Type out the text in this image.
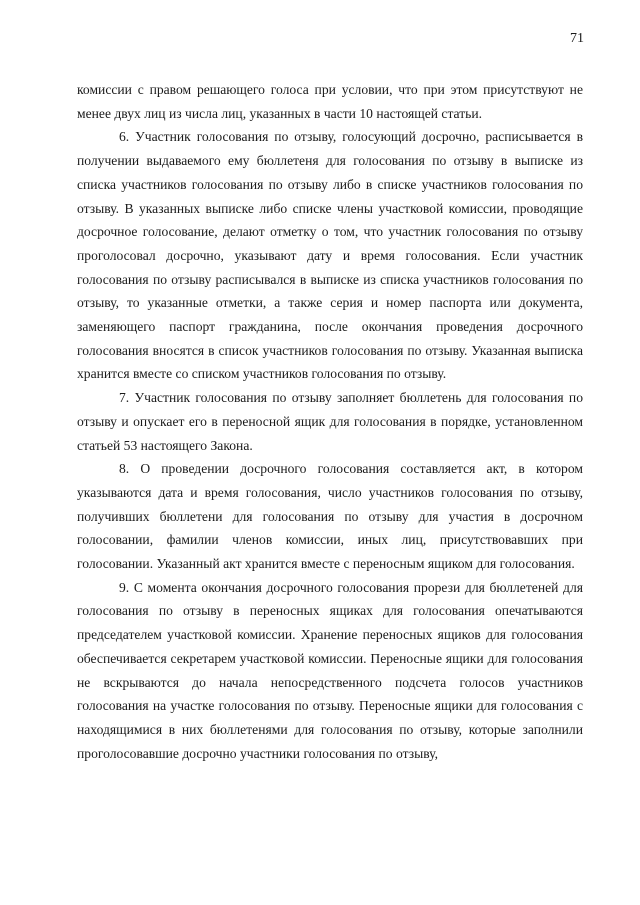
71

комиссии с правом решающего голоса при условии, что при этом присутствуют не менее двух лиц из числа лиц, указанных в части 10 настоящей статьи.

6. Участник голосования по отзыву, голосующий досрочно, расписывается в получении выдаваемого ему бюллетеня для голосования по отзыву в выписке из списка участников голосования по отзыву либо в списке участников голосования по отзыву. В указанных выписке либо списке члены участковой комиссии, проводящие досрочное голосование, делают отметку о том, что участник голосования по отзыву проголосовал досрочно, указывают дату и время голосования. Если участник голосования по отзыву расписывался в выписке из списка участников голосования по отзыву, то указанные отметки, а также серия и номер паспорта или документа, заменяющего паспорт гражданина, после окончания проведения досрочного голосования вносятся в список участников голосования по отзыву. Указанная выписка хранится вместе со списком участников голосования по отзыву.

7. Участник голосования по отзыву заполняет бюллетень для голосования по отзыву и опускает его в переносной ящик для голосования в порядке, установленном статьей 53 настоящего Закона.

8. О проведении досрочного голосования составляется акт, в котором указываются дата и время голосования, число участников голосования по отзыву, получивших бюллетени для голосования по отзыву для участия в досрочном голосовании, фамилии членов комиссии, иных лиц, присутствовавших при голосовании. Указанный акт хранится вместе с переносным ящиком для голосования.

9. С момента окончания досрочного голосования прорези для бюллетеней для голосования по отзыву в переносных ящиках для голосования опечатываются председателем участковой комиссии. Хранение переносных ящиков для голосования обеспечивается секретарем участковой комиссии. Переносные ящики для голосования не вскрываются до начала непосредственного подсчета голосов участников голосования на участке голосования по отзыву. Переносные ящики для голосования с находящимися в них бюллетенями для голосования по отзыву, которые заполнили проголосовавшие досрочно участники голосования по отзыву,
